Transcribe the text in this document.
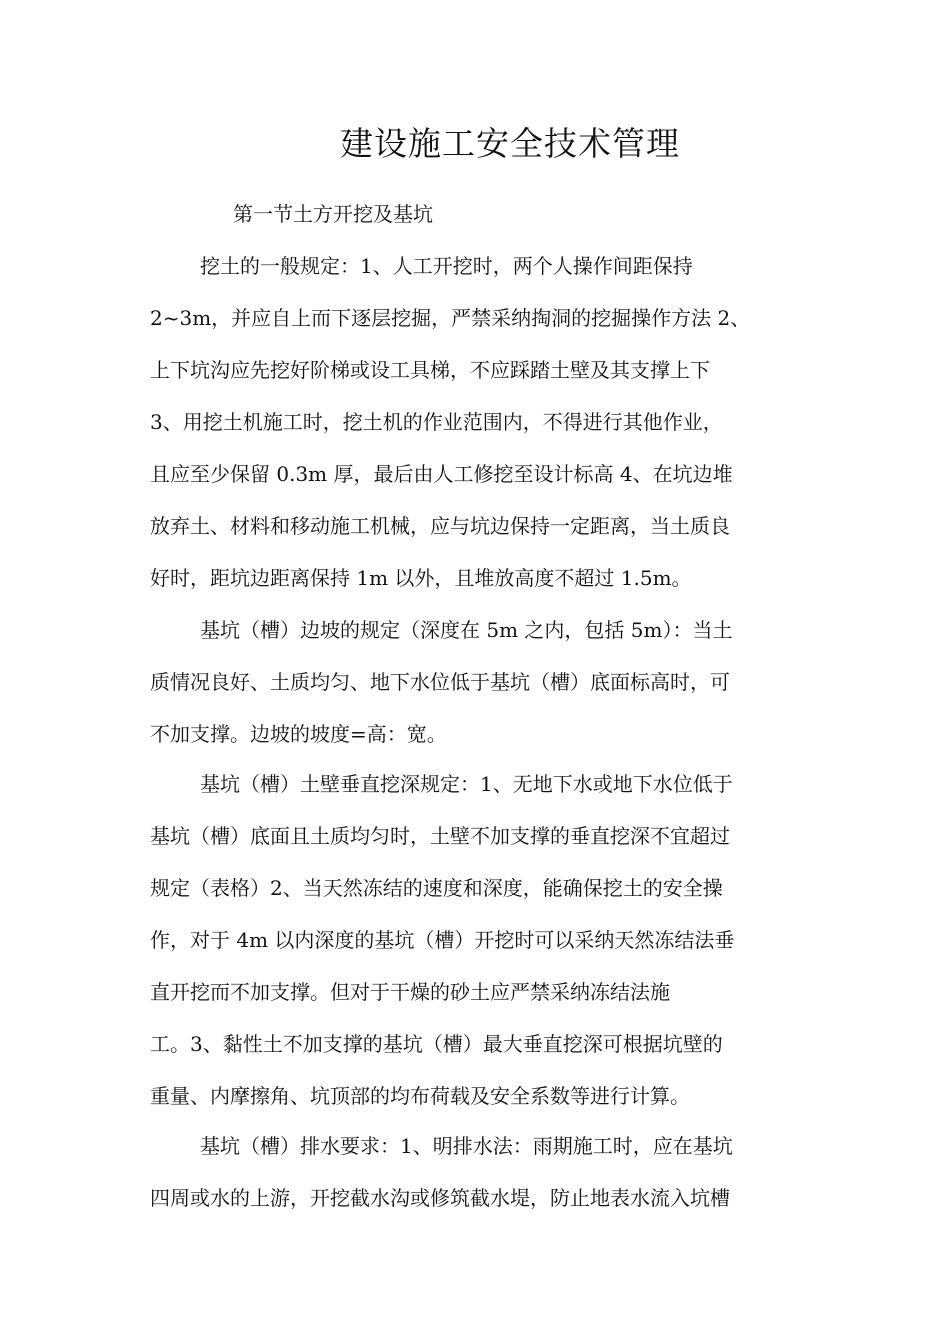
建设施工安全技术管理

第一节土方开挖及基坑

挖土的一般规定：1、人工开挖时，两个人操作间距保持

2~3m，并应自上而下逐层挖掘，严禁采纳掏洞的挖掘操作方法 2、

上下坑沟应先挖好阶梯或设工具梯，不应踩踏土壁及其支撑上下

3、用挖土机施工时，挖土机的作业范围内，不得进行其他作业，

且应至少保留 0.3m 厚，最后由人工修挖至设计标高 4、在坑边堆

放弃土、材料和移动施工机械，应与坑边保持一定距离，当土质良

好时，距坑边距离保持 1m 以外，且堆放高度不超过 1.5m。

基坑（槽）边坡的规定（深度在 5m 之内，包括 5m）：当土

质情况良好、土质均匀、地下水位低于基坑（槽）底面标高时，可

不加支撑。边坡的坡度=高：宽。

基坑（槽）土壁垂直挖深规定：1、无地下水或地下水位低于

基坑（槽）底面且土质均匀时，土壁不加支撑的垂直挖深不宜超过

规定（表格）2、当天然冻结的速度和深度，能确保挖土的安全操

作，对于 4m 以内深度的基坑（槽）开挖时可以采纳天然冻结法垂

直开挖而不加支撑。但对于干燥的砂土应严禁采纳冻结法施

工。3、黏性土不加支撑的基坑（槽）最大垂直挖深可根据坑壁的

重量、内摩擦角、坑顶部的均布荷载及安全系数等进行计算。

基坑（槽）排水要求：1、明排水法：雨期施工时，应在基坑

四周或水的上游，开挖截水沟或修筑截水堤，防止地表水流入坑槽
